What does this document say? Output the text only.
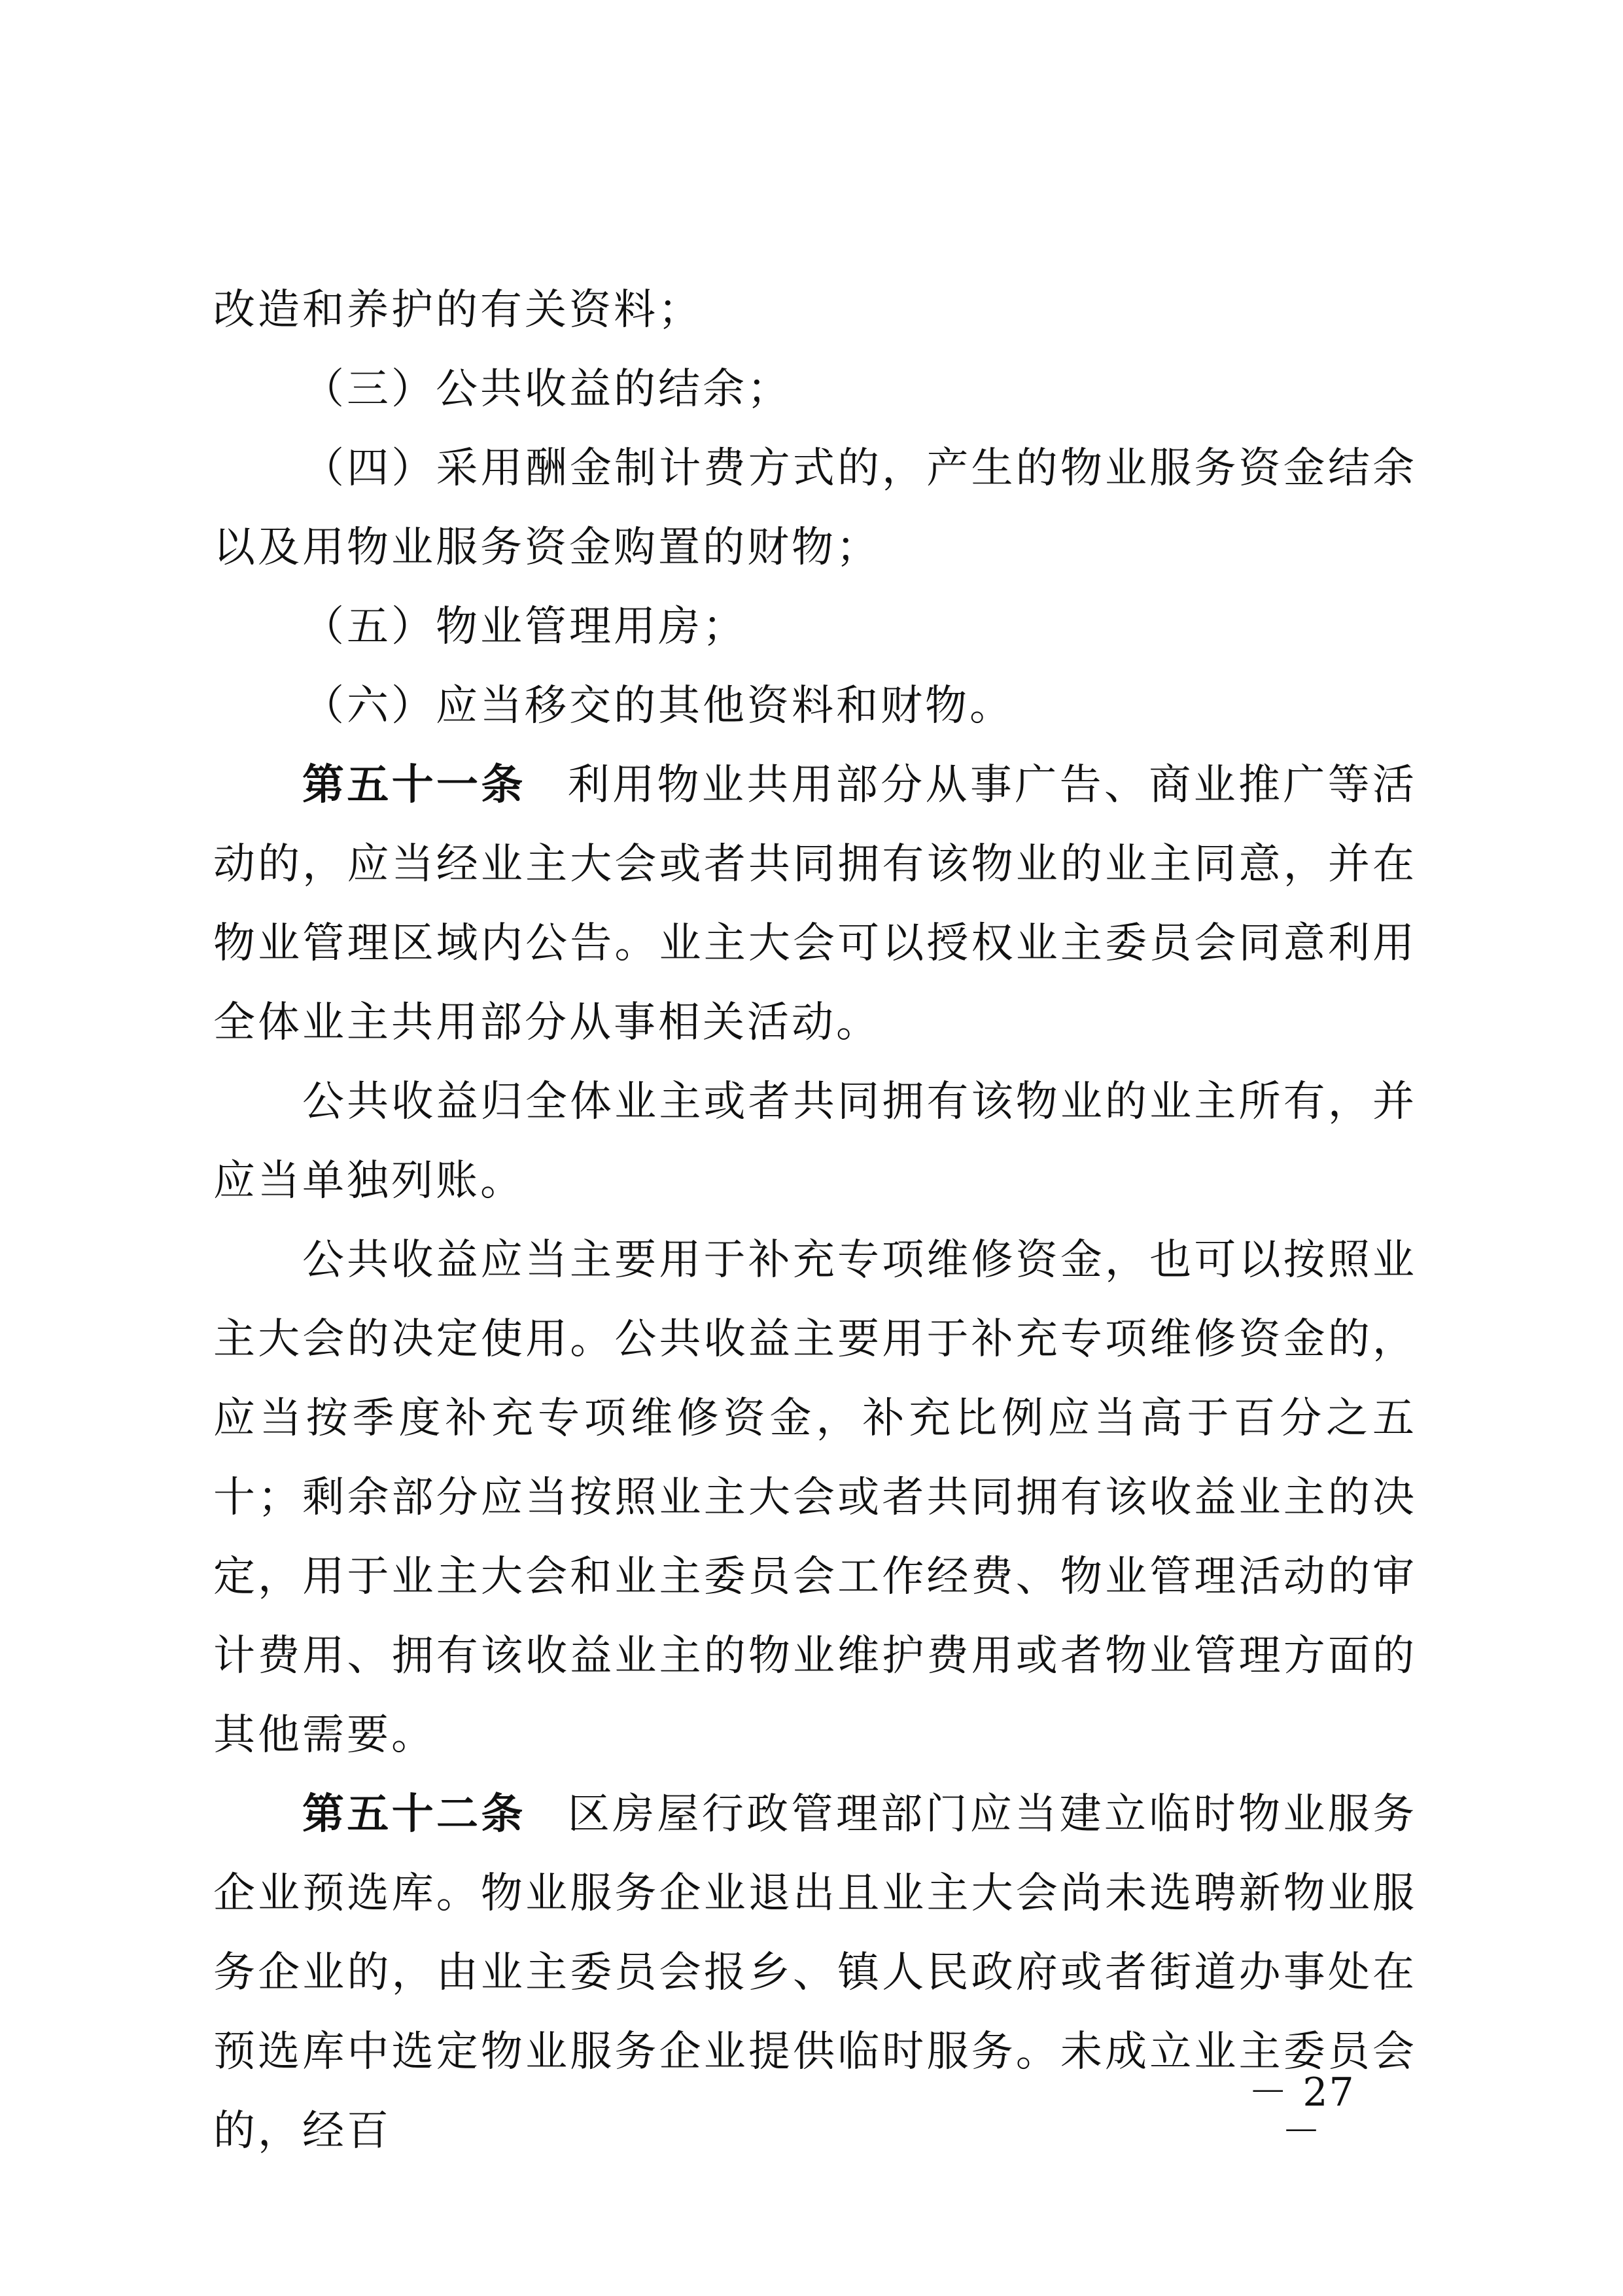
改造和养护的有关资料；

（三）公共收益的结余；

（四）采用酬金制计费方式的，产生的物业服务资金结余以及用物业服务资金购置的财物；

（五）物业管理用房；

（六）应当移交的其他资料和财物。

第五十一条 利用物业共用部分从事广告、商业推广等活动的，应当经业主大会或者共同拥有该物业的业主同意，并在物业管理区域内公告。业主大会可以授权业主委员会同意利用全体业主共用部分从事相关活动。

公共收益归全体业主或者共同拥有该物业的业主所有，并应当单独列账。

公共收益应当主要用于补充专项维修资金，也可以按照业主大会的决定使用。公共收益主要用于补充专项维修资金的，应当按季度补充专项维修资金，补充比例应当高于百分之五十；剩余部分应当按照业主大会或者共同拥有该收益业主的决定，用于业主大会和业主委员会工作经费、物业管理活动的审计费用、拥有该收益业主的物业维护费用或者物业管理方面的其他需要。

第五十二条 区房屋行政管理部门应当建立临时物业服务企业预选库。物业服务企业退出且业主大会尚未选聘新物业服务企业的，由业主委员会报乡、镇人民政府或者街道办事处在预选库中选定物业服务企业提供临时服务。未成立业主委员会的，经百

－ 27 －
